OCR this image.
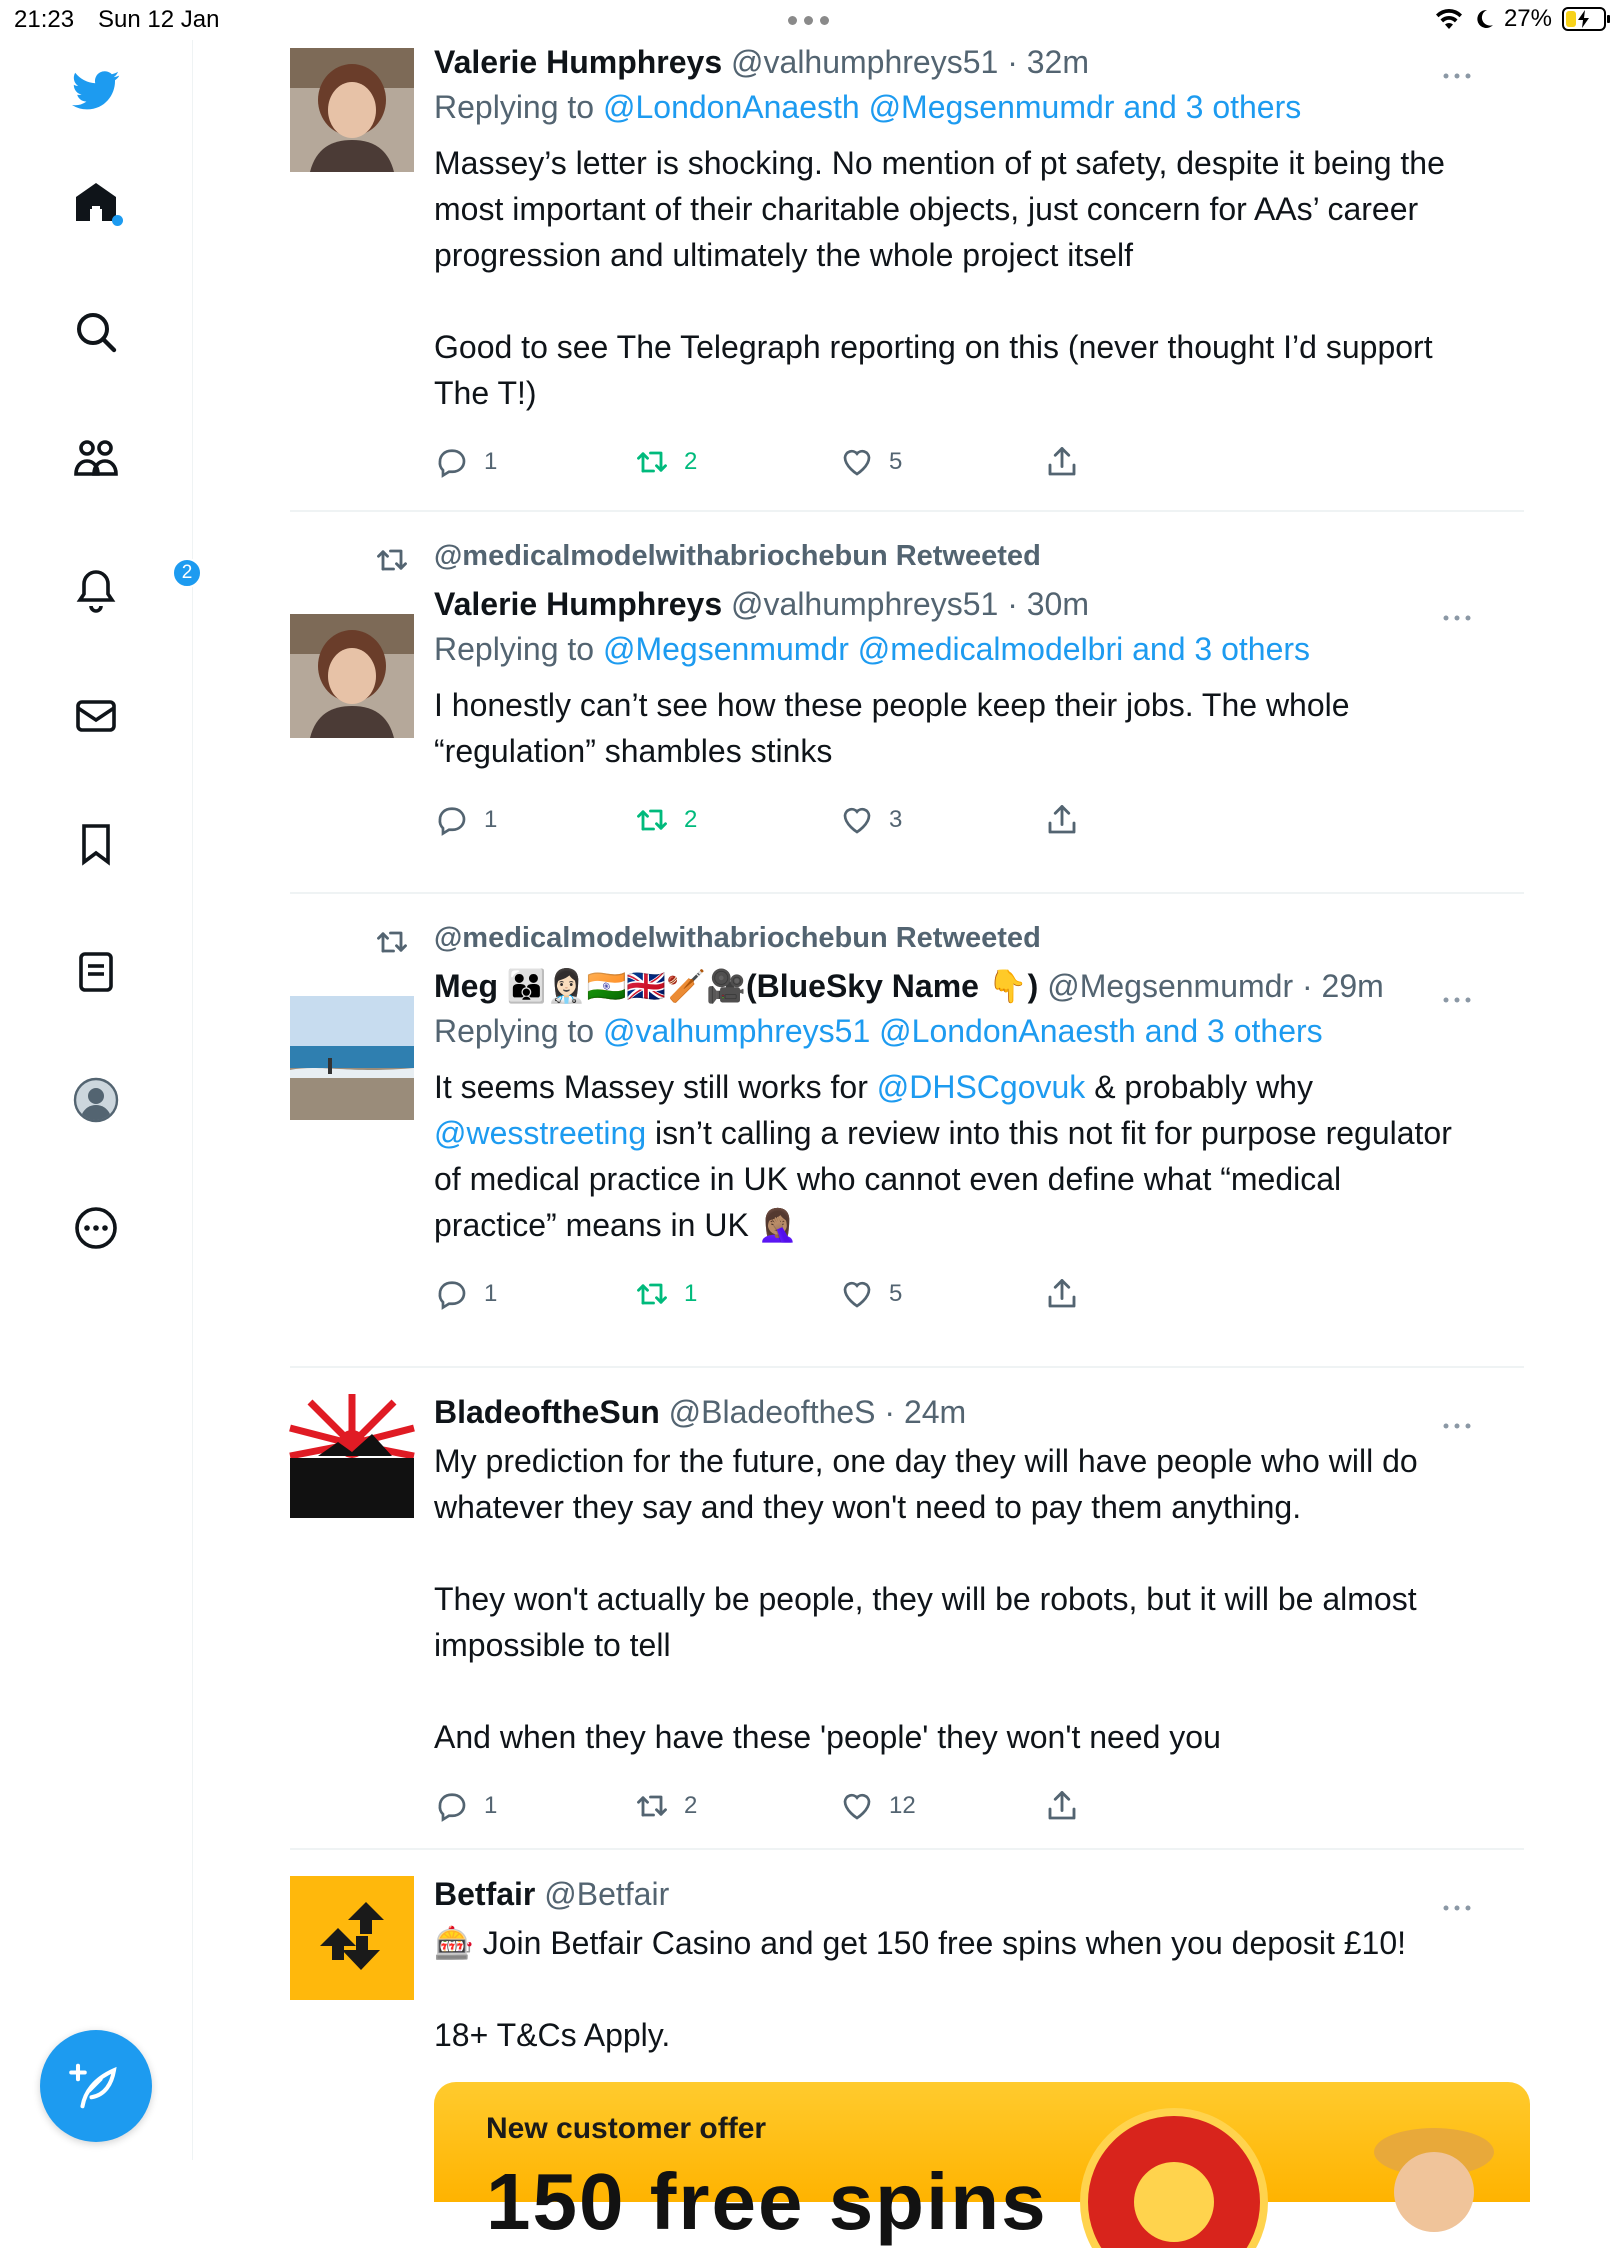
21:23 Sun 12 Jan	27%
2
Valerie Humphreys @valhumphreys51 · 32m
Replying to @LondonAnaesth @Megsenmumdr and 3 others

Massey’s letter is shocking. No mention of pt safety, despite it being the most important of their charitable objects, just concern for AAs’ career progression and ultimately the whole project itself

Good to see The Telegraph reporting on this (never thought I’d support The T!)

1	2	5
@medicalmodelwithabriochebun Retweeted
Valerie Humphreys @valhumphreys51 · 30m
Replying to @Megsenmumdr @medicalmodelbri and 3 others

I honestly can’t see how these people keep their jobs. The whole “regulation” shambles stinks

1	2	3
@medicalmodelwithabriochebun Retweeted
Meg 👪👩🏻‍⚕️🇮🇳🇬🇧🏏🎥(BlueSky Name 👇) @Megsenmumdr · 29m
Replying to @valhumphreys51 @LondonAnaesth and 3 others

It seems Massey still works for @DHSCgovuk & probably why @wesstreeting isn’t calling a review into this not fit for purpose regulator of medical practice in UK who cannot even define what “medical practice” means in UK 🤦🏽‍♀️

1	1	5
BladeoftheSun @BladeoftheS · 24m

My prediction for the future, one day they will have people who will do whatever they say and they won't need to pay them anything.

They won't actually be people, they will be robots, but it will be almost impossible to tell

And when they have these 'people' they won't need you

1	2	12
Betfair @Betfair

🎰 Join Betfair Casino and get 150 free spins when you deposit £10!

18+ T&Cs Apply.

New customer offer
150 free spins
